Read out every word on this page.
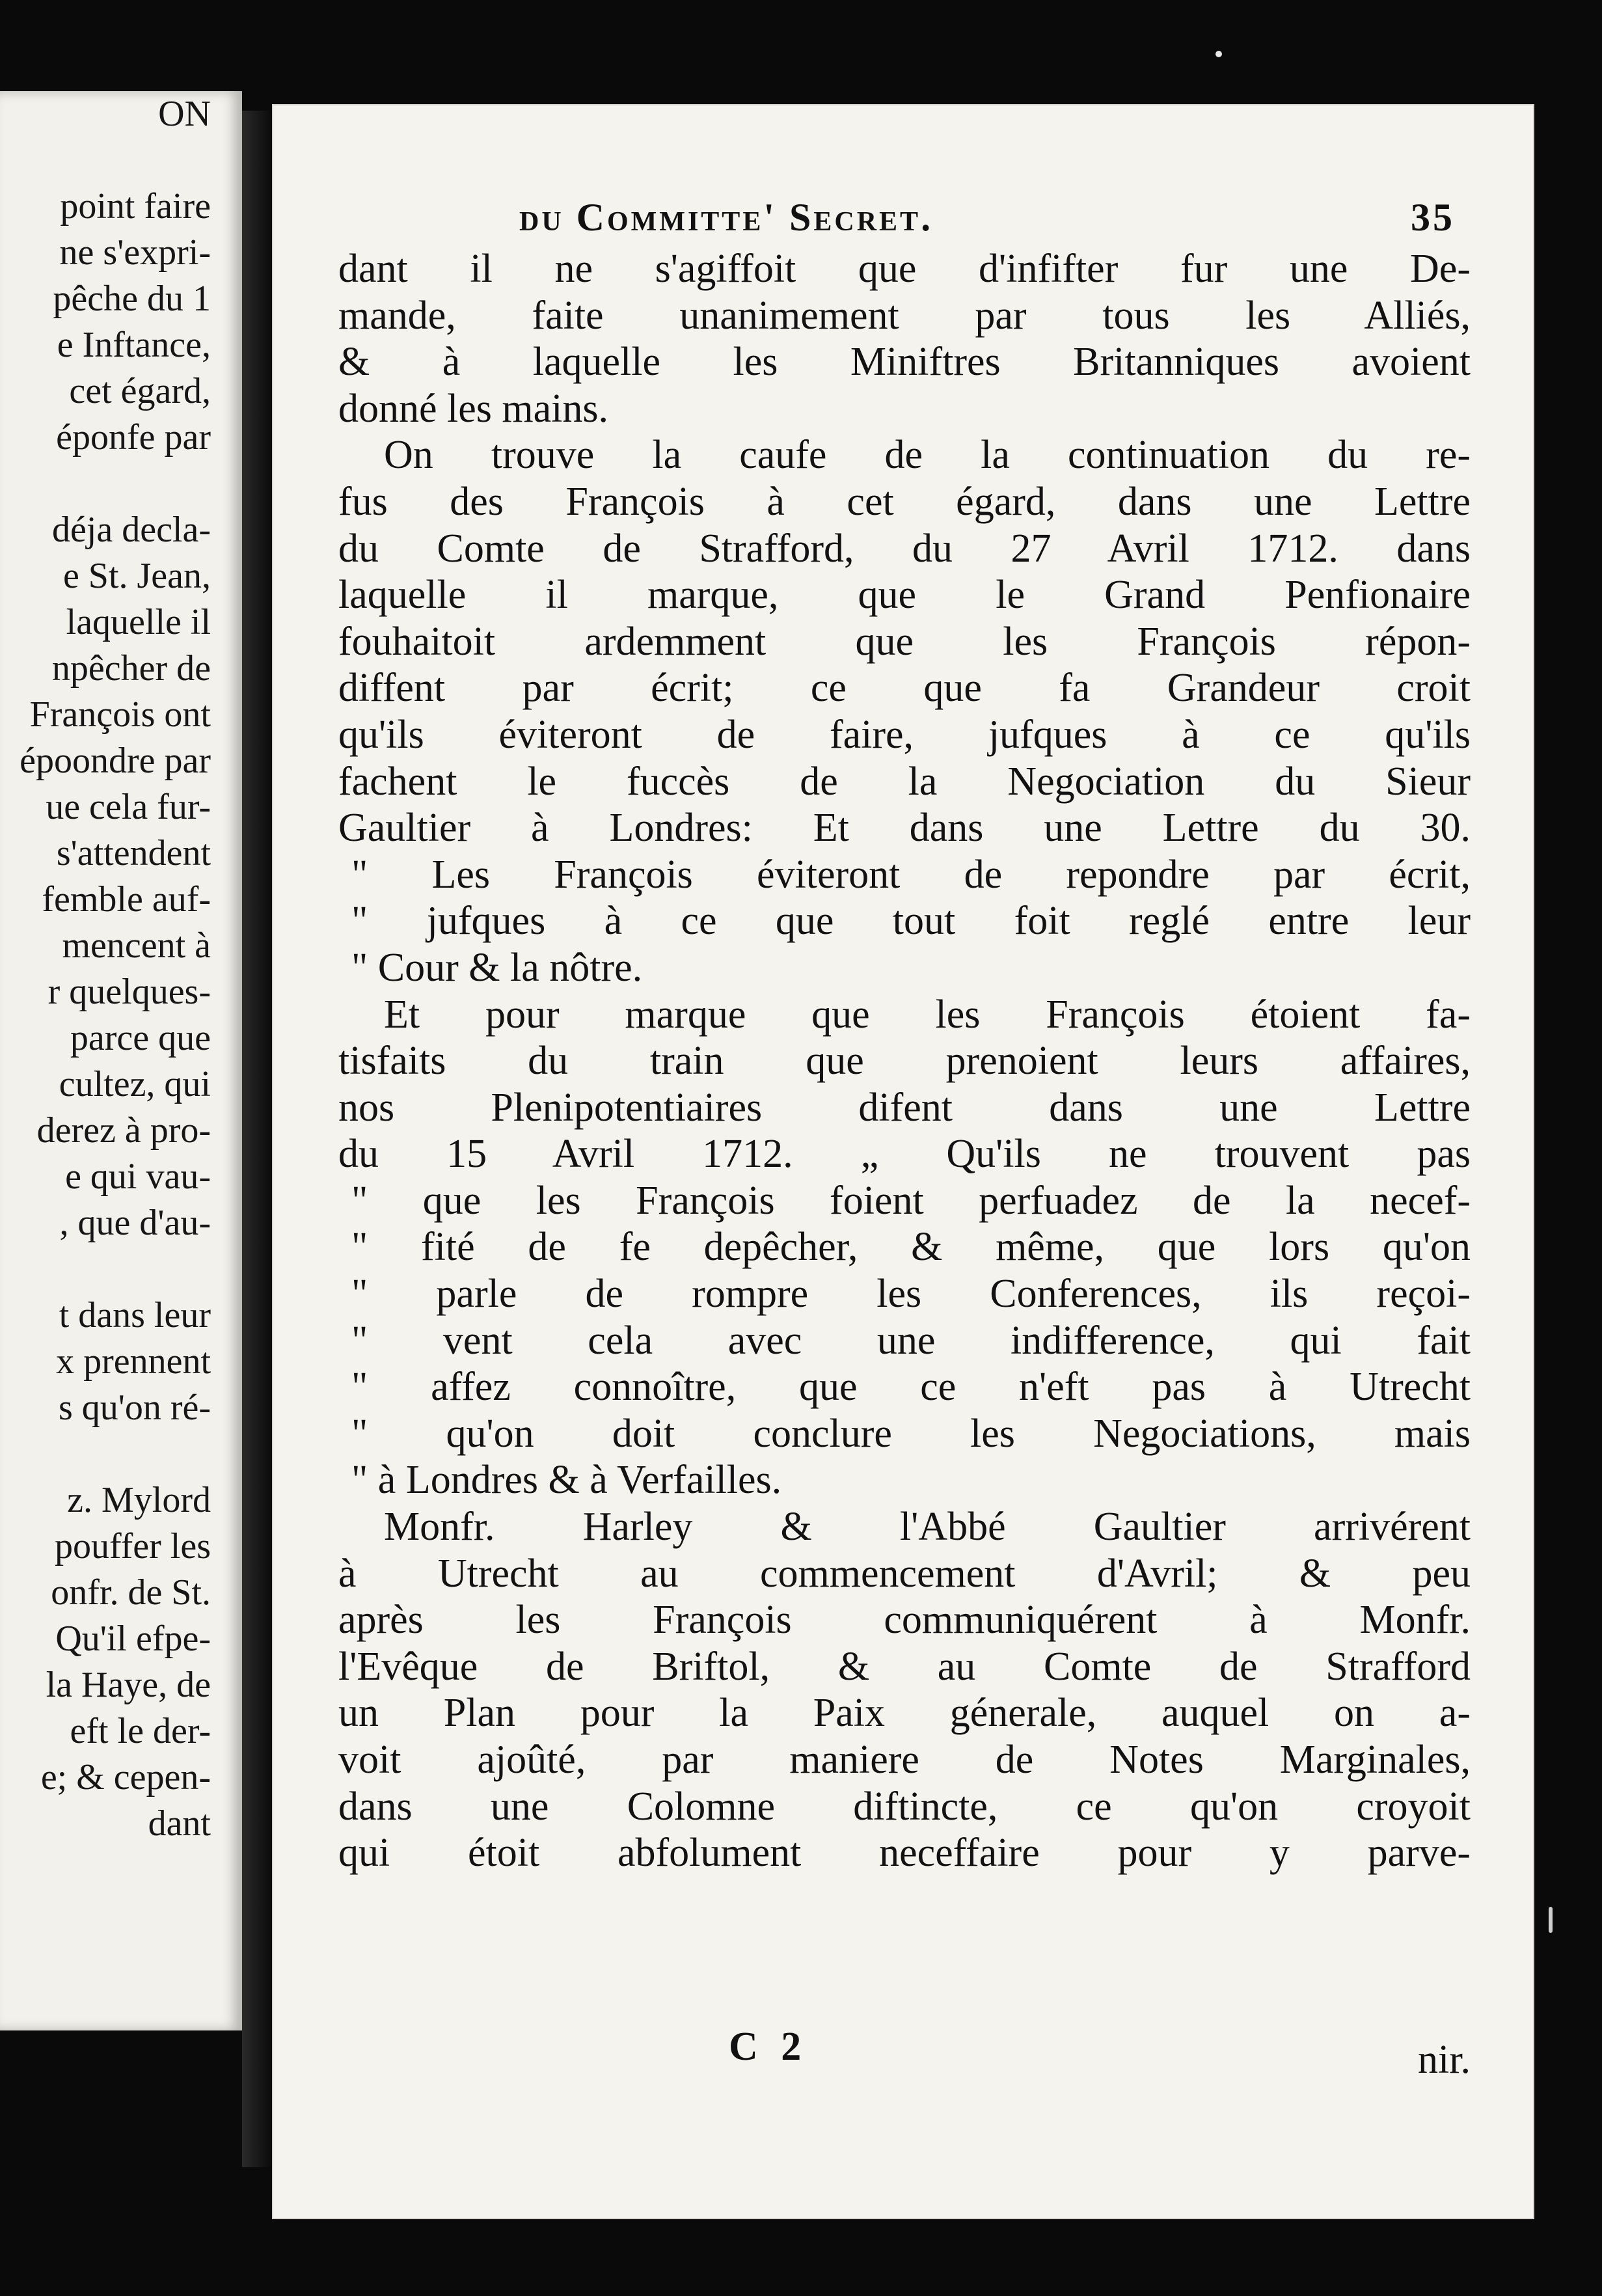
ON
point faire
ne s'expri-
pêche du 1
e Inftance,
cet égard,
éponfe par
déja decla-
e St. Jean,
laquelle il
npêcher de
François ont
époondre par
ue cela fur-
s'attendent
femble auf-
mencent à
r quelques-
parce que
cultez, qui
derez à pro-
e qui vau-
, que d'au-
t dans leur
x prennent
s qu'on ré-
z. Mylord
pouffer les
onfr. de St.
Qu'il efpe-
la Haye, de
eft le der-
e; & cepen-
dant
du Committe' Secret.	35
dant il ne s'agiffoit que d'infifter fur une De-
mande, faite unanimement par tous les Alliés,
& à laquelle les Miniftres Britanniques avoient
donné les mains.
On trouve la caufe de la continuation du re-
fus des François à cet égard, dans une Lettre
du Comte de Strafford, du 27 Avril 1712. dans
laquelle il marque, que le Grand Penfionaire
fouhaitoit ardemment que les François répon-
diffent par écrit; ce que fa Grandeur croit
qu'ils éviteront de faire, jufques à ce qu'ils
fachent le fuccès de la Negociation du Sieur
Gaultier à Londres: Et dans une Lettre du 30.
" Les François éviteront de repondre par écrit,
" jufques à ce que tout foit reglé entre leur
" Cour & la nôtre.
Et pour marque que les François étoient fa-
tisfaits du train que prenoient leurs affaires,
nos Plenipotentiaires difent dans une Lettre
du 15 Avril 1712. „ Qu'ils ne trouvent pas
" que les François foient perfuadez de la necef-
" fité de fe depêcher, & même, que lors qu'on
" parle de rompre les Conferences, ils reçoi-
" vent cela avec une indifference, qui fait
" affez connoître, que ce n'eft pas à Utrecht
" qu'on doit conclure les Negociations, mais
" à Londres & à Verfailles.
Monfr. Harley & l'Abbé Gaultier arrivérent
à Utrecht au commencement d'Avril; & peu
après les François communiquérent à Monfr.
l'Evêque de Briftol, & au Comte de Strafford
un Plan pour la Paix génerale, auquel on a-
voit ajoûté, par maniere de Notes Marginales,
dans une Colomne diftincte, ce qu'on croyoit
qui étoit abfolument neceffaire pour y parve-
C 2	nir.
